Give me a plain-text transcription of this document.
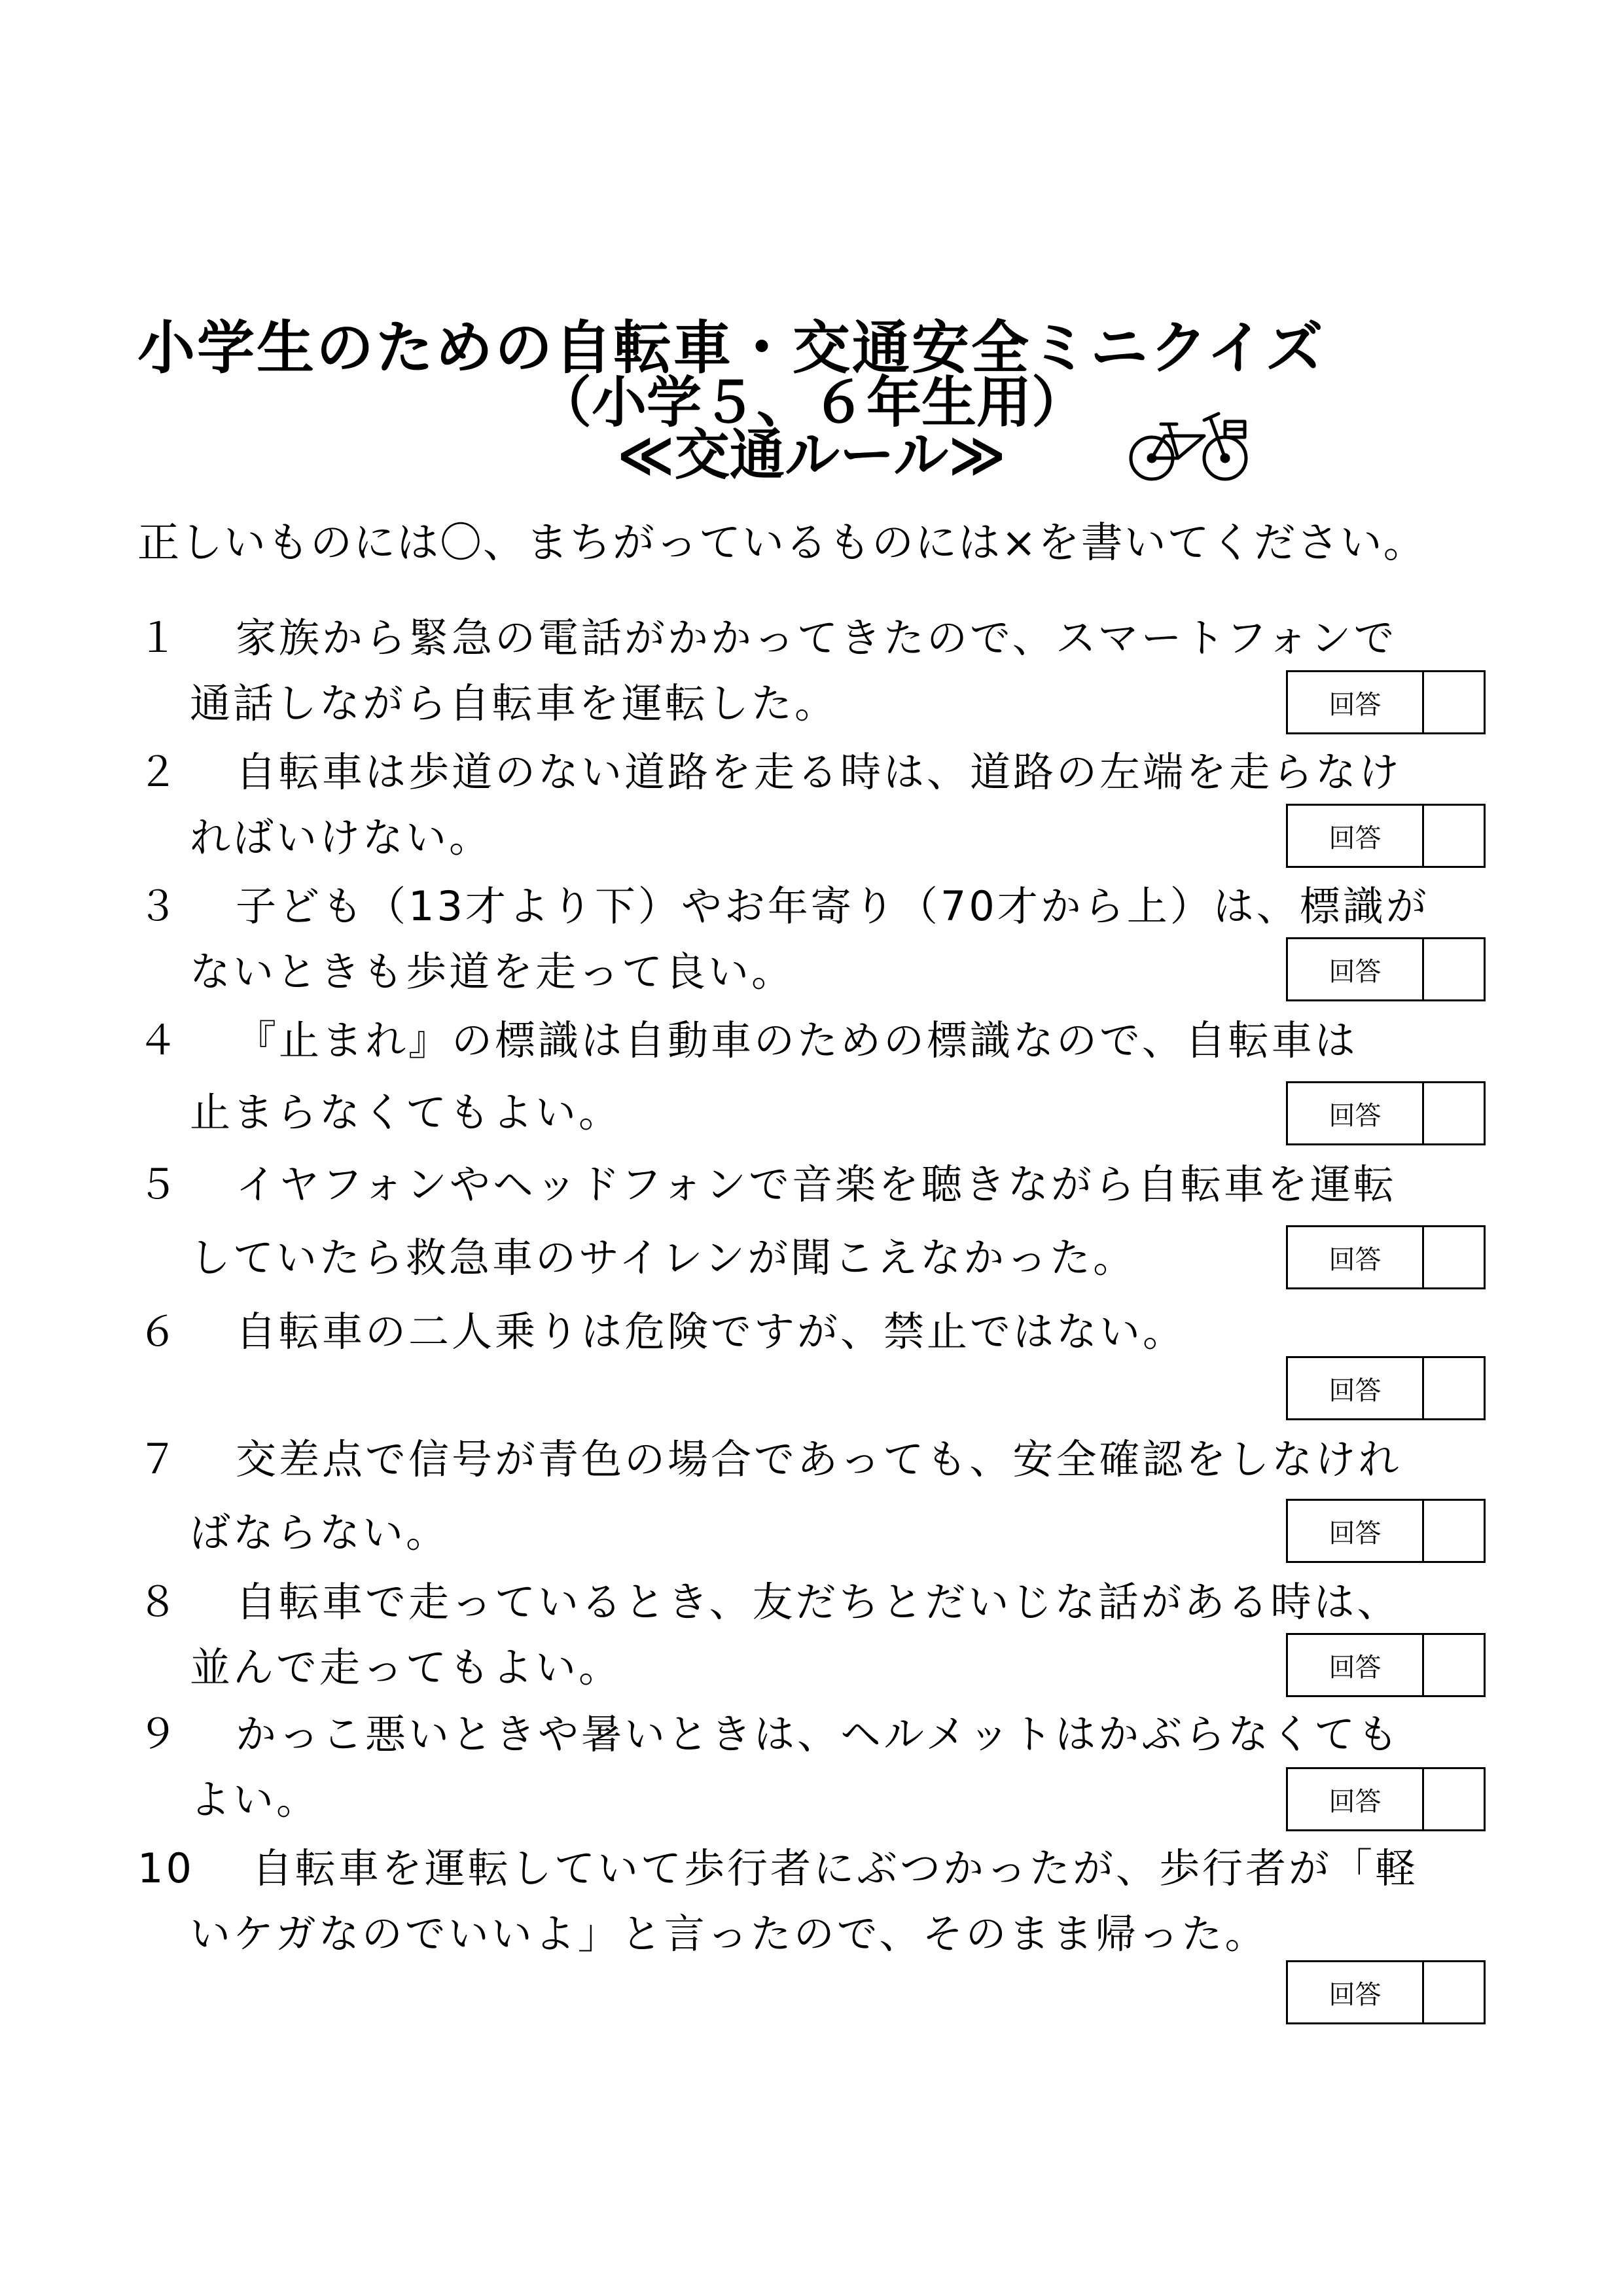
小学生のための自転車・交通安全ミニクイズ
（小学５、６年生用）
≪交通ルール≫
正しいものには〇、まちがっているものには×を書いてください。
１ 家族から緊急の電話がかかってきたので、スマートフォンで
通話しながら自転車を運転した。	回答
２ 自転車は歩道のない道路を走る時は、道路の左端を走らなけ
ればいけない。	回答
３ 子ども（13才より下）やお年寄り（70才から上）は、標識が
ないときも歩道を走って良い。	回答
４ 『止まれ』の標識は自動車のための標識なので、自転車は
止まらなくてもよい。	回答
５ イヤフォンやヘッドフォンで音楽を聴きながら自転車を運転
していたら救急車のサイレンが聞こえなかった。	回答
６ 自転車の二人乗りは危険ですが、禁止ではない。
回答
７ 交差点で信号が青色の場合であっても、安全確認をしなけれ
ばならない。	回答
８ 自転車で走っているとき、友だちとだいじな話がある時は、
並んで走ってもよい。	回答
９ かっこ悪いときや暑いときは、ヘルメットはかぶらなくても
よい。	回答
10 自転車を運転していて歩行者にぶつかったが、歩行者が「軽
いケガなのでいいよ」と言ったので、そのまま帰った。
回答
